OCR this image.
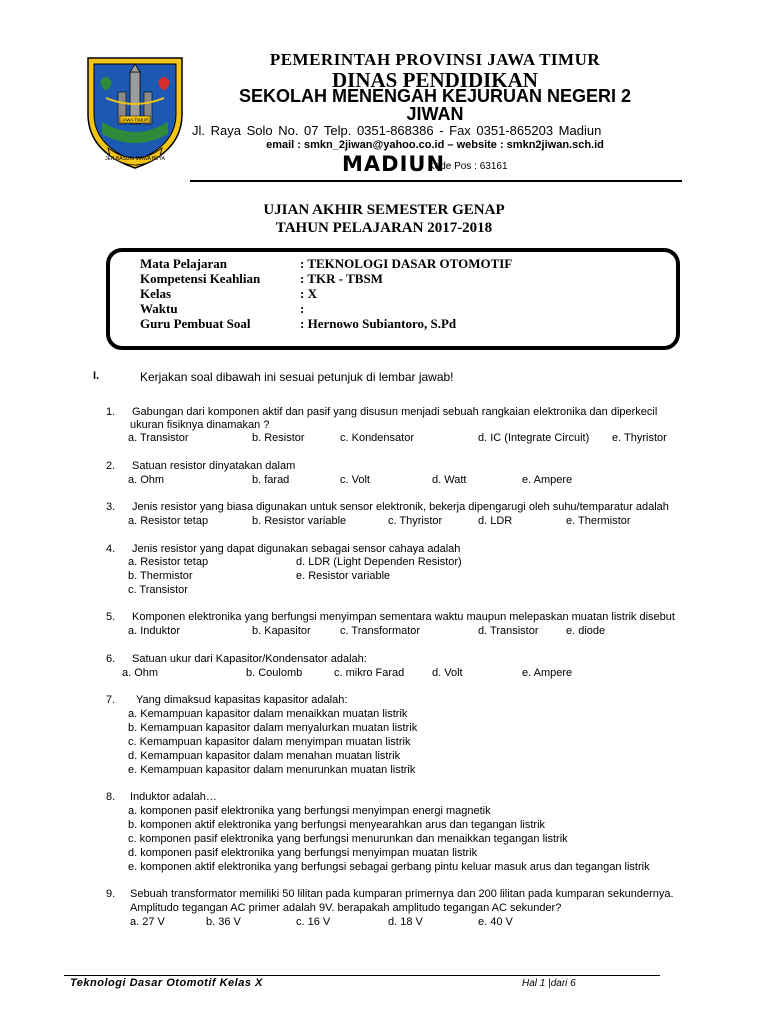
JER BASUKI MAWA BEYA
JAWA TIMUR
PEMERINTAH PROVINSI JAWA TIMUR
DINAS PENDIDIKAN
SEKOLAH MENENGAH KEJURUAN NEGERI 2
JIWAN
Jl. Raya Solo No. 07 Telp. 0351-868386 - Fax 0351-865203 Madiun
email : smkn_2jiwan@yahoo.co.id – website : smkn2jiwan.sch.id
MADIUN
Kode Pos : 63161
UJIAN AKHIR SEMESTER GENAP
TAHUN PELAJARAN 2017-2018
Mata Pelajaran	: TEKNOLOGI DASAR OTOMOTIF
Kompetensi Keahlian	: TKR - TBSM
Kelas	: X
Waktu	:
Guru Pembuat Soal	: Hernowo Subiantoro, S.Pd
I.	Kerjakan soal dibawah ini sesuai petunjuk di lembar jawab!
1. Gabungan dari komponen aktif dan pasif yang disusun menjadi sebuah rangkaian elektronika dan diperkecil
ukuran fisiknya dinamakan ?
a. Transistor	b. Resistor	c. Kondensator	d. IC (Integrate Circuit) e. Thyristor
2. Satuan resistor dinyatakan dalam
a. Ohm	b. farad	c. Volt	d. Watt	e. Ampere
3. Jenis resistor yang biasa digunakan untuk sensor elektronik, bekerja dipengarugi oleh suhu/temparatur adalah
a. Resistor tetap	b. Resistor variable	c. Thyristor	d. LDR	e. Thermistor
4. Jenis resistor yang dapat digunakan sebagai sensor cahaya adalah
a. Resistor tetap	d. LDR (Light Dependen Resistor)
b. Thermistor	e. Resistor variable
c. Transistor
5. Komponen elektronika yang berfungsi menyimpan sementara waktu maupun melepaskan muatan listrik disebut
a. Induktor	b. Kapasitor	c. Transformator	d. Transistor e. diode
6. Satuan ukur dari Kapasitor/Kondensator adalah:
a. Ohm	b. Coulomb	c. mikro Farad	d. Volt	e. Ampere
7. Yang dimaksud kapasitas kapasitor adalah:
a. Kemampuan kapasitor dalam menaikkan muatan listrik
b. Kemampuan kapasitor dalam menyalurkan muatan listrik
c. Kemampuan kapasitor dalam menyimpan muatan listrik
d. Kemampuan kapasitor dalam menahan muatan listrik
e. Kemampuan kapasitor dalam menurunkan muatan listrik
8. Induktor adalah…
a. komponen pasif elektronika yang berfungsi menyimpan energi magnetik
b. komponen aktif elektronika yang berfungsi menyearahkan arus dan tegangan listrik
c. komponen pasif elektronika yang berfungsi menurunkan dan menaikkan tegangan listrik
d. komponen pasif elektronika yang berfungsi menyimpan muatan listrik
e. komponen aktif elektronika yang berfungsi sebagai gerbang pintu keluar masuk arus dan tegangan listrik
9. Sebuah transformator memiliki 50 lilitan pada kumparan primernya dan 200 lilitan pada kumparan sekundernya.
Amplitudo tegangan AC primer adalah 9V. berapakah amplitudo tegangan AC sekunder?
a. 27 V	b. 36 V	c. 16 V	d. 18 V	e. 40 V
Teknologi Dasar Otomotif Kelas X	Hal 1 |dari 6
